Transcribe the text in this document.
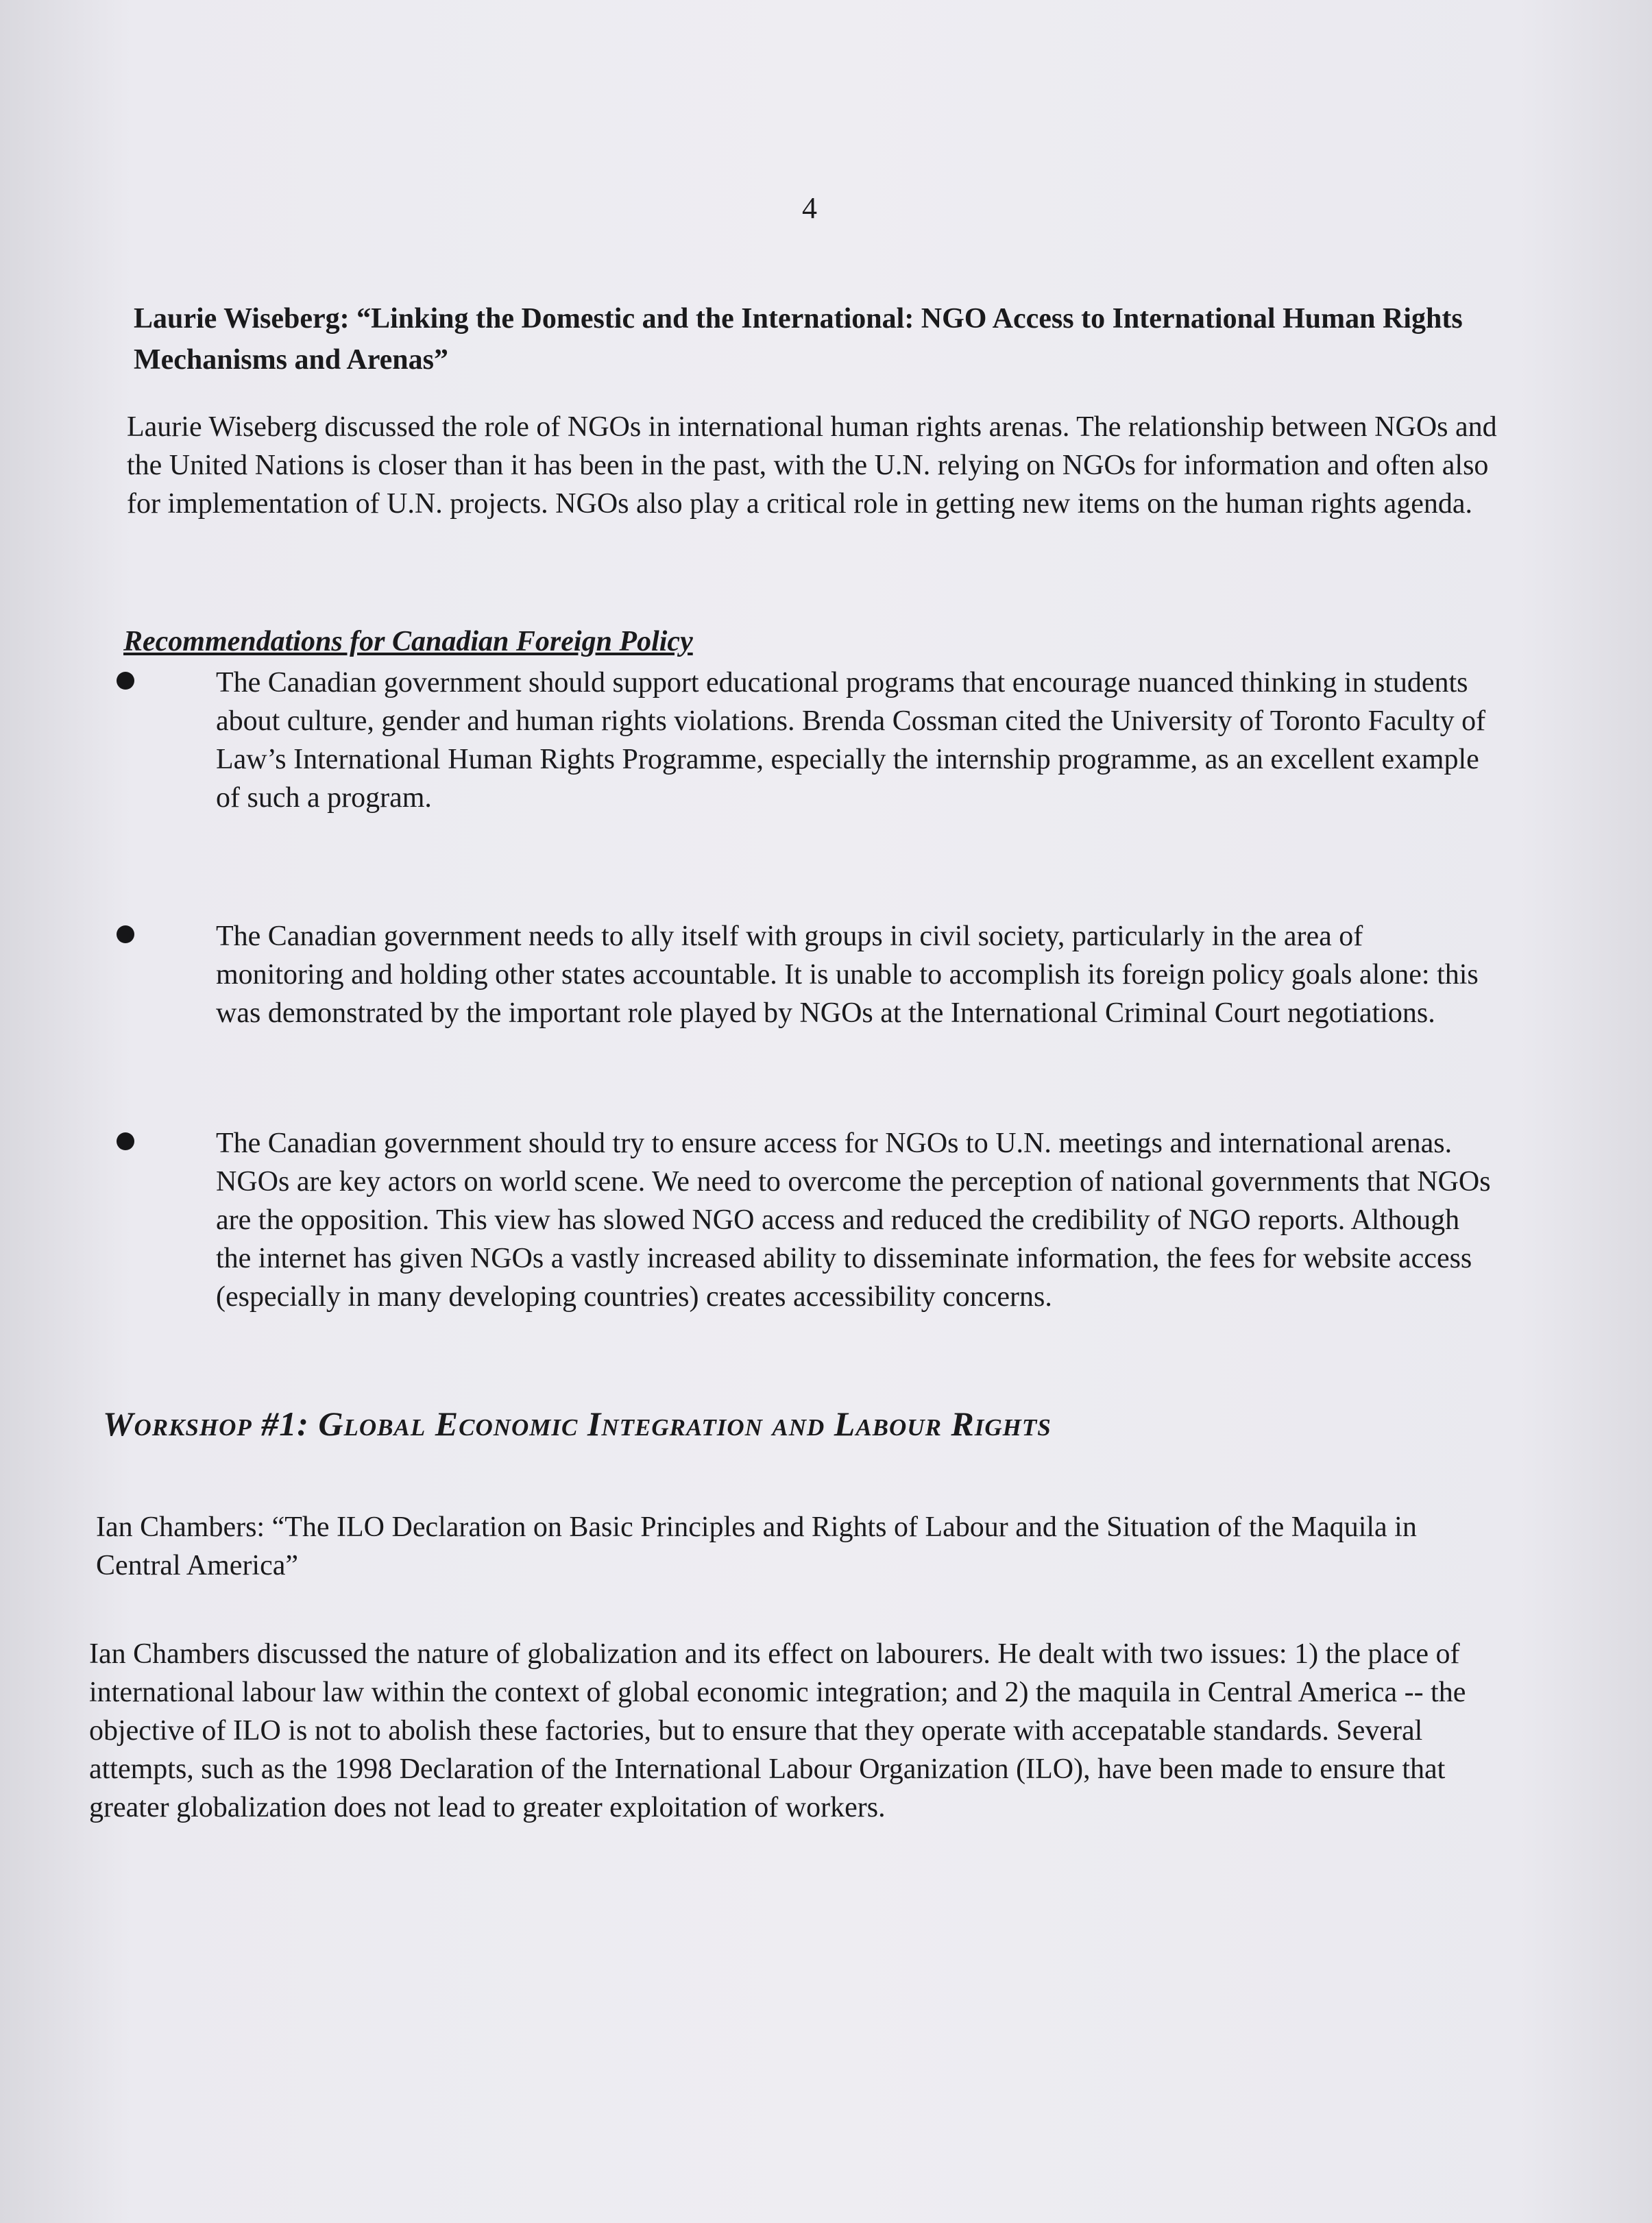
4
Laurie Wiseberg: “Linking the Domestic and the International: NGO Access to International Human Rights Mechanisms and Arenas”
Laurie Wiseberg discussed the role of NGOs in international human rights arenas. The relationship between NGOs and the United Nations is closer than it has been in the past, with the U.N. relying on NGOs for information and often also for implementation of U.N. projects. NGOs also play a critical role in getting new items on the human rights agenda.
Recommendations for Canadian Foreign Policy
The Canadian government should support educational programs that encourage nuanced thinking in students about culture, gender and human rights violations. Brenda Cossman cited the University of Toronto Faculty of Law’s International Human Rights Programme, especially the internship programme, as an excellent example of such a program.
The Canadian government needs to ally itself with groups in civil society, particularly in the area of monitoring and holding other states accountable. It is unable to accomplish its foreign policy goals alone: this was demonstrated by the important role played by NGOs at the International Criminal Court negotiations.
The Canadian government should try to ensure access for NGOs to U.N. meetings and international arenas. NGOs are key actors on world scene. We need to overcome the perception of national governments that NGOs are the opposition. This view has slowed NGO access and reduced the credibility of NGO reports. Although the internet has given NGOs a vastly increased ability to disseminate information, the fees for website access (especially in many developing countries) creates accessibility concerns.
Workshop #1: Global Economic Integration and Labour Rights
Ian Chambers: “The ILO Declaration on Basic Principles and Rights of Labour and the Situation of the Maquila in Central America”
Ian Chambers discussed the nature of globalization and its effect on labourers. He dealt with two issues: 1) the place of international labour law within the context of global economic integration; and 2) the maquila in Central America -- the objective of ILO is not to abolish these factories, but to ensure that they operate with accepatable standards. Several attempts, such as the 1998 Declaration of the International Labour Organization (ILO), have been made to ensure that greater globalization does not lead to greater exploitation of workers.
